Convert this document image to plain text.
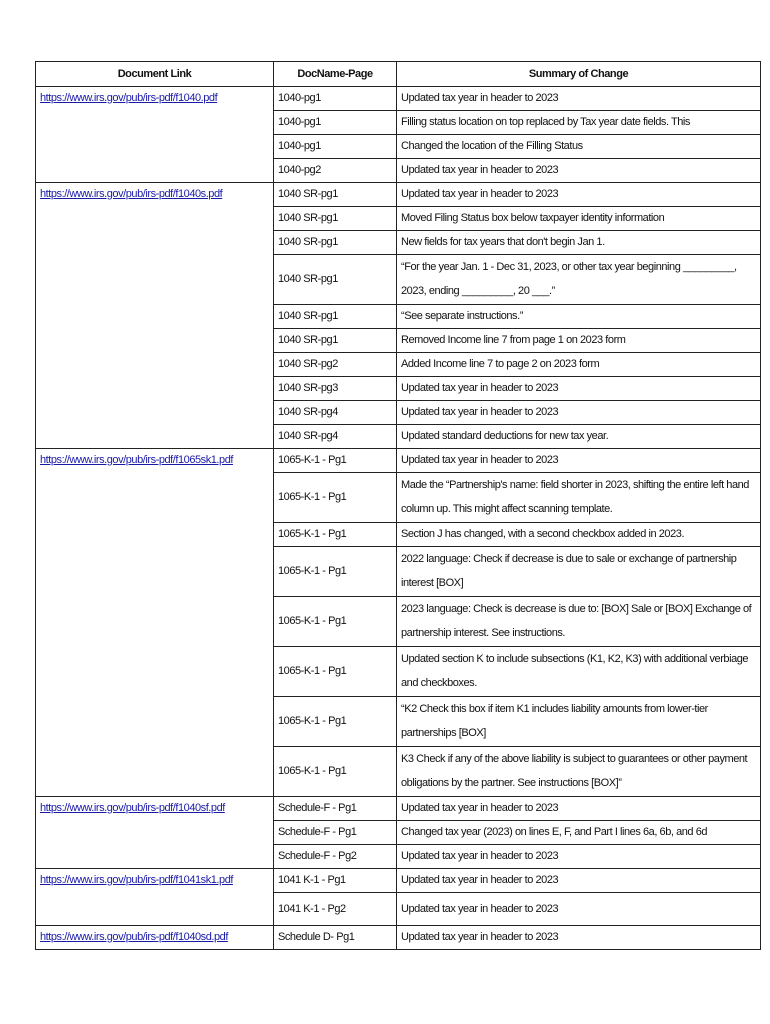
Document Link	DocName-Page	Summary of Change
https://www.irs.gov/pub/irs-pdf/f1040.pdf	1040-pg1	Updated tax year in header to 2023
	1040-pg1	Filling status location on top replaced by Tax year date fields. This
	1040-pg1	Changed the location of the Filling Status
	1040-pg2	Updated tax year in header to 2023
https://www.irs.gov/pub/irs-pdf/f1040s.pdf	1040 SR-pg1	Updated tax year in header to 2023
	1040 SR-pg1	Moved Filing Status box below taxpayer identity information
	1040 SR-pg1	New fields for tax years that don't begin Jan 1.
	1040 SR-pg1	“For the year Jan. 1 - Dec 31, 2023, or other tax year beginning _________, 2023, ending _________, 20 ___.”
	1040 SR-pg1	“See separate instructions.”
	1040 SR-pg1	Removed Income line 7 from page 1 on 2023 form
	1040 SR-pg2	Added Income line 7 to page 2 on 2023 form
	1040 SR-pg3	Updated tax year in header to 2023
	1040 SR-pg4	Updated tax year in header to 2023
	1040 SR-pg4	Updated standard deductions for new tax year.
https://www.irs.gov/pub/irs-pdf/f1065sk1.pdf	1065-K-1 - Pg1	Updated tax year in header to 2023
	1065-K-1 - Pg1	Made the “Partnership's name: field shorter in 2023, shifting the entire left hand column up. This might affect scanning template.
	1065-K-1 - Pg1	Section J has changed, with a second checkbox added in 2023.
	1065-K-1 - Pg1	2022 language: Check if decrease is due to sale or exchange of partnership interest [BOX]
	1065-K-1 - Pg1	2023 language: Check is decrease is due to: [BOX] Sale or [BOX] Exchange of partnership interest. See instructions.
	1065-K-1 - Pg1	Updated section K to include subsections (K1, K2, K3) with additional verbiage and checkboxes.
	1065-K-1 - Pg1	“K2 Check this box if item K1 includes liability amounts from lower-tier partnerships [BOX]
	1065-K-1 - Pg1	K3 Check if any of the above liability is subject to guarantees or other payment obligations by the partner. See instructions [BOX]”
https://www.irs.gov/pub/irs-pdf/f1040sf.pdf	Schedule-F - Pg1	Updated tax year in header to 2023
	Schedule-F - Pg1	Changed tax year (2023) on lines E, F, and Part I lines 6a, 6b, and 6d
	Schedule-F - Pg2	Updated tax year in header to 2023
https://www.irs.gov/pub/irs-pdf/f1041sk1.pdf	1041 K-1 - Pg1	Updated tax year in header to 2023
	1041 K-1 - Pg2	Updated tax year in header to 2023
https://www.irs.gov/pub/irs-pdf/f1040sd.pdf	Schedule D- Pg1	Updated tax year in header to 2023
